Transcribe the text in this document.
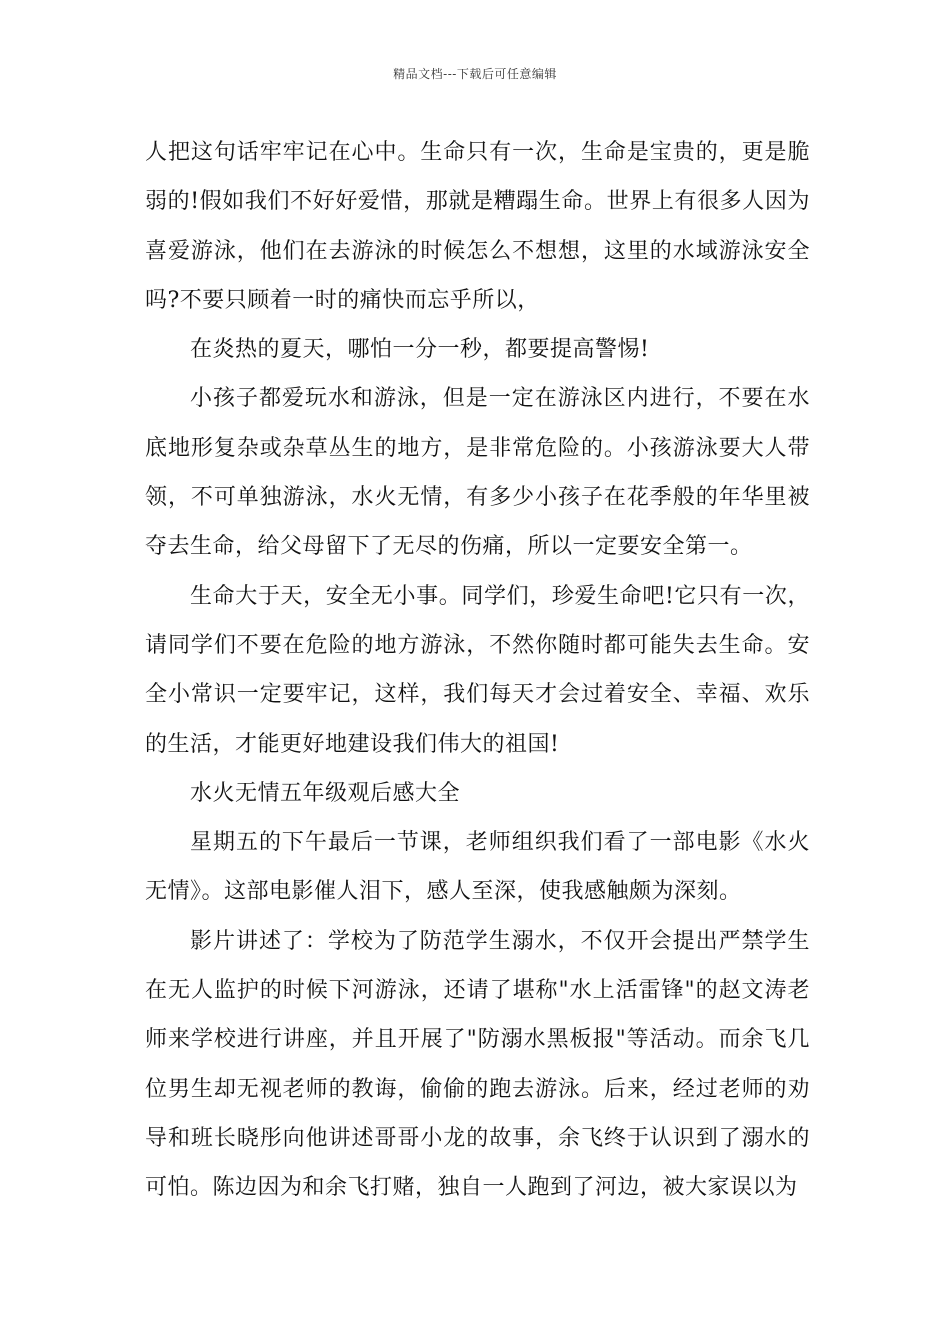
精品文档---下载后可任意编辑

人把这句话牢牢记在心中。生命只有一次，生命是宝贵的，更是脆弱的!假如我们不好好爱惜，那就是糟蹋生命。世界上有很多人因为喜爱游泳，他们在去游泳的时候怎么不想想，这里的水域游泳安全吗?不要只顾着一时的痛快而忘乎所以，

在炎热的夏天，哪怕一分一秒，都要提高警惕!

小孩子都爱玩水和游泳，但是一定在游泳区内进行，不要在水底地形复杂或杂草丛生的地方，是非常危险的。小孩游泳要大人带领，不可单独游泳，水火无情，有多少小孩子在花季般的年华里被夺去生命，给父母留下了无尽的伤痛，所以一定要安全第一。

生命大于天，安全无小事。同学们，珍爱生命吧!它只有一次，请同学们不要在危险的地方游泳，不然你随时都可能失去生命。安全小常识一定要牢记，这样，我们每天才会过着安全、幸福、欢乐的生活，才能更好地建设我们伟大的祖国!

水火无情五年级观后感大全

星期五的下午最后一节课，老师组织我们看了一部电影《水火无情》。这部电影催人泪下，感人至深，使我感触颇为深刻。

影片讲述了：学校为了防范学生溺水，不仅开会提出严禁学生在无人监护的时候下河游泳，还请了堪称"水上活雷锋"的赵文涛老师来学校进行讲座，并且开展了"防溺水黑板报"等活动。而余飞几位男生却无视老师的教诲，偷偷的跑去游泳。后来，经过老师的劝导和班长晓彤向他讲述哥哥小龙的故事，余飞终于认识到了溺水的可怕。陈边因为和余飞打赌，独自一人跑到了河边，被大家误以为
